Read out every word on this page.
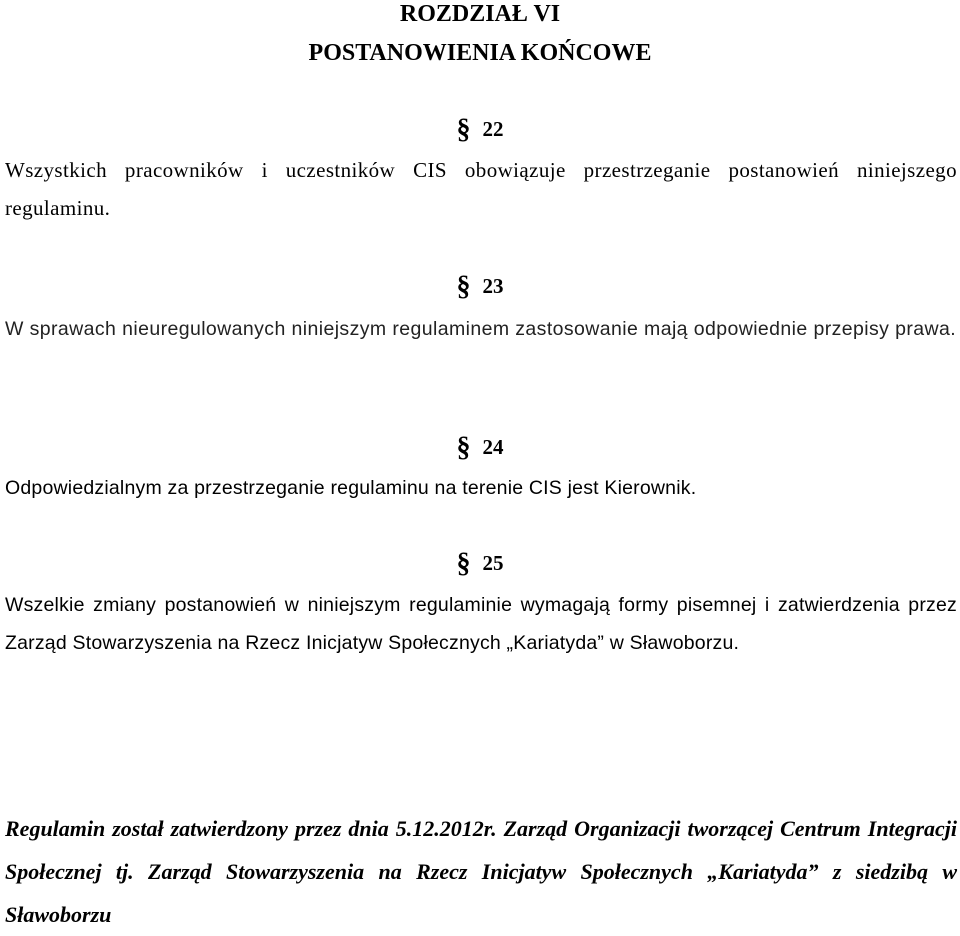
ROZDZIAŁ VI
POSTANOWIENIA KOŃCOWE
§ 22
Wszystkich pracowników i uczestników CIS obowiązuje przestrzeganie postanowień niniejszego regulaminu.
§ 23
W sprawach nieuregulowanych niniejszym regulaminem zastosowanie mają odpowiednie przepisy prawa.
§ 24
Odpowiedzialnym za przestrzeganie regulaminu na terenie CIS jest Kierownik.
§ 25
Wszelkie zmiany postanowień w niniejszym regulaminie wymagają formy pisemnej i zatwierdzenia przez Zarząd Stowarzyszenia na Rzecz Inicjatyw Społecznych „Kariatyda” w Sławoborzu.
Regulamin został zatwierdzony przez dnia 5.12.2012r. Zarząd Organizacji tworzącej Centrum Integracji Społecznej tj. Zarząd Stowarzyszenia na Rzecz Inicjatyw Społecznych „Kariatyda” z siedzibą w Sławoborzu
